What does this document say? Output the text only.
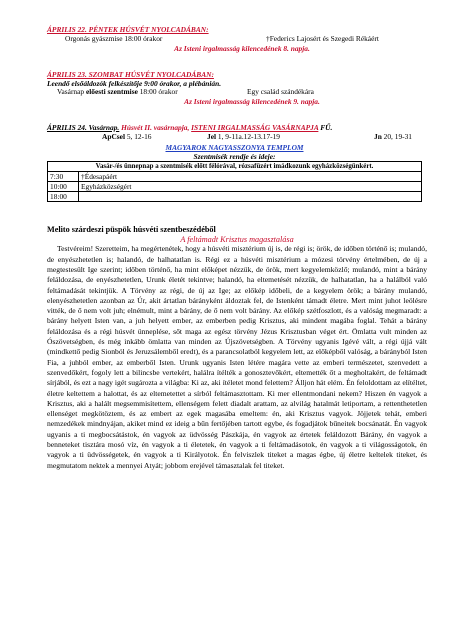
ÁPRILIS 22. PÉNTEK HÚSVÉT NYOLCADÁBAN:
Orgonás gyászmise 18:00 órakor	†Federics Lajosért és Szegedi Rékáért
Az Isteni irgalmasság kilencedének 8. napja.
ÁPRILIS 23. SZOMBAT HÚSVÉT NYOLCADÁBAN:
Leendő elsőáldozók felkészítője 9:00 órakor, a plébánián.
Vasárnap előesti szentmise 18:00 órakor	Egy család szándékára
Az Isteni irgalmasság kilencedének 9. napja.
ÁPRILIS 24. Vasárnap. Húsvét II. vasárnapja, ISTENI IRGALMASSÁG VASÁRNAPJA FŰ.
ApCsel 5, 12-16	Jel 1, 9-11a.12-13.17-19	Jn 20, 19-31
MAGYAROK NAGYASSZONYA TEMPLOM
Szentmisék rendje és ideje:
Vasár-/és ünnepnap a szentmisék előtt félórával, rózsafüzért imádkozunk egyházközségünkért.	
7:30	†Édesapáért
10:00	Egyházközségért
18:00	
Melito szárdeszi püspök húsvéti szentbeszédéből
A feltámadt Krisztus magasztalása

Testvérеim! Szeretteim, ha megértenétek, hogy a húsvéti misztérium új is, de régi is; örök, de időben történő is; mulandó, de enyészhetetlen is; halandó, de halhatatlan is. Régi ez a húsvéti misztérium a mózesi törvény értelmében, de új a megtestesült Ige szerint; időben történő, ha mint előképet nézzük, de örök, mert kegyelemközlő; mulandó, mint a bárány feláldozása, de enyészhetetlen, Urunk életét tekintve; halandó, ha eltemetését nézzük, de halhatatlan, ha a halálból való feltámadását tekintjük. A Törvény az régi, de új az Ige; az előkép időbeli, de a kegyelem örök; a bárány mulandó, elenyészhetetlen azonban az Úr, akit ártatlan bárányként áldoztak fel, de Istenként támadt életre. Mert mint juhot leölésre vitték, de ő nem volt juh; elnémult, mint a bárány, de ő nem volt bárány. Az előkép szétfoszlott, és a valóság megmaradt: a bárány helyett Isten van, a juh helyett ember, az emberben pedig Krisztus, aki mindent magába foglal. Tehát a bárány feláldozása és a régi húsvét ünneplése, sőt maga az egész törvény Jézus Krisztusban véget ért. Ömlatta vult minden az Ószövetségben, és még inkább ömlatta van minden az Újszövetségben. A Törvény ugyanis Igévé vált, a régi újjá vált (mindkettő pedig Sionból és Jeruzsálemből eredt), és a parancsolatból kegyelem lett, az előképből valóság, a bárányból Isten Fia, a juhból ember, az emberből Isten. Urunk ugyanis Isten létére magára vette az emberi természetet, szenvedett a szenvedőkért, fogoly lett a bilincsbe vertekért, halálra ítélték a gonosztevőkért, eltemették őt a megholtakért, de feltámadt sírjából, és ezt a nagy igét sugározta a világba: Ki az, aki ítéletet mond felettem? Álljon hát elém. Én feloldottam az elítéltet, életre keltettem a halottat, és az eltemetettet a sírból feltámasztottam. Ki mer ellentmondani nekem? Hiszen én vagyok a Krisztus, aki a halált megsemmisítettem, ellenségem felett diadalt arattam, az alvilág hatalmát letiportam, a rettenthetetlen ellenséget megkötöztem, és az embert az egek magasába emeltem: én, aki Krisztus vagyok. Jöjjetek tehát, emberi nemzedékek mindnyájan, akiket mind ez ideig a bűn fertőjében tartott egybe, és fogadjátok bűneitek bocsánatát. Én vagyok ugyanis a ti megbocsátástok, én vagyok az üdvösség Pászkája, én vagyok az értetek feláldozott Bárány, én vagyok a benneteket tisztára mosó víz, én vagyok a ti életetek, én vagyok a ti feltámadásotok, én vagyok a ti világosságotok, én vagyok a ti üdvösségetek, én vagyok a ti Királyotok. Én felviszlek titeket a magas égbe, új életre keltelek titeket, és megmutatom nektek a mennyei Atyát; jobbom erejével támasztalak fel titeket.
